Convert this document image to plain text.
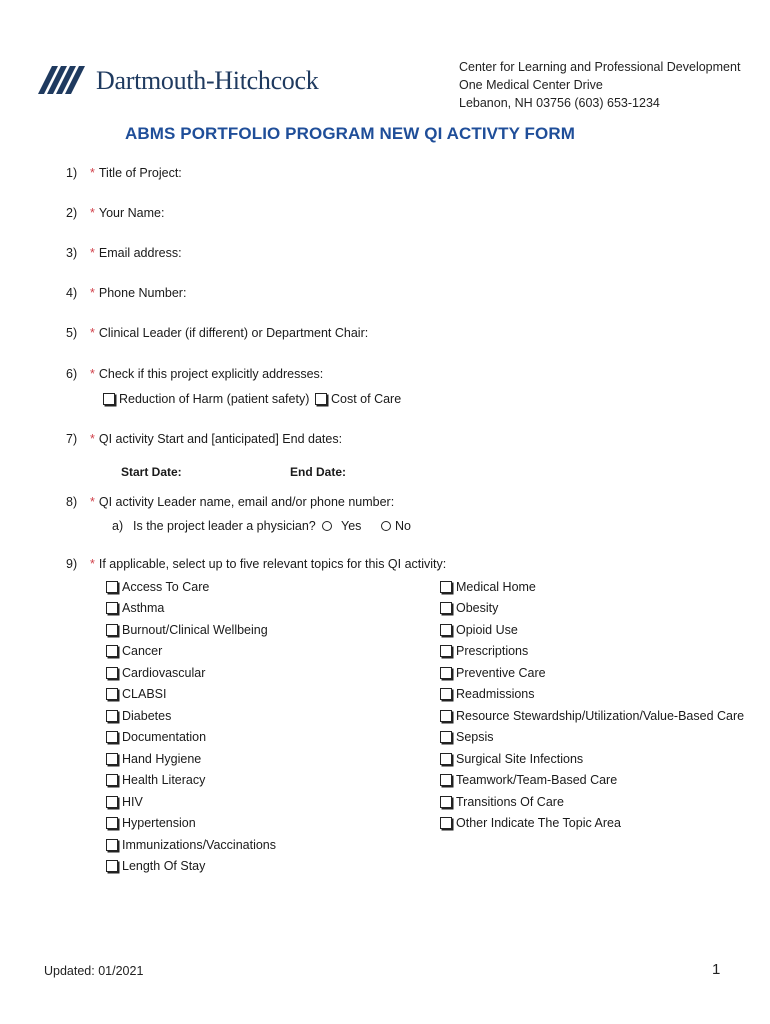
Dartmouth-Hitchcock	Center for Learning and Professional Development
One Medical Center Drive
Lebanon, NH 03756 (603) 653-1234
ABMS PORTFOLIO PROGRAM NEW QI ACTIVTY FORM
1) * Title of Project:
2) * Your Name:
3) * Email address:
4) * Phone Number:
5) * Clinical Leader (if different) or Department Chair:
6) * Check if this project explicitly addresses:
Reduction of Harm (patient safety) Cost of Care
7) * QI activity Start and [anticipated] End dates:
Start Date:	End Date:
8) * QI activity Leader name, email and/or phone number:
a) Is the project leader a physician? Yes	No
9) * If applicable, select up to five relevant topics for this QI activity:
Access To Care
Asthma
Burnout/Clinical Wellbeing
Cancer
Cardiovascular
CLABSI
Diabetes
Documentation
Hand Hygiene
Health Literacy
HIV
Hypertension
Immunizations/Vaccinations
Length Of Stay
Medical Home
Obesity
Opioid Use
Prescriptions
Preventive Care
Readmissions
Resource Stewardship/Utilization/Value-Based Care
Sepsis
Surgical Site Infections
Teamwork/Team-Based Care
Transitions Of Care
Other Indicate The Topic Area
Updated: 01/2021	1
